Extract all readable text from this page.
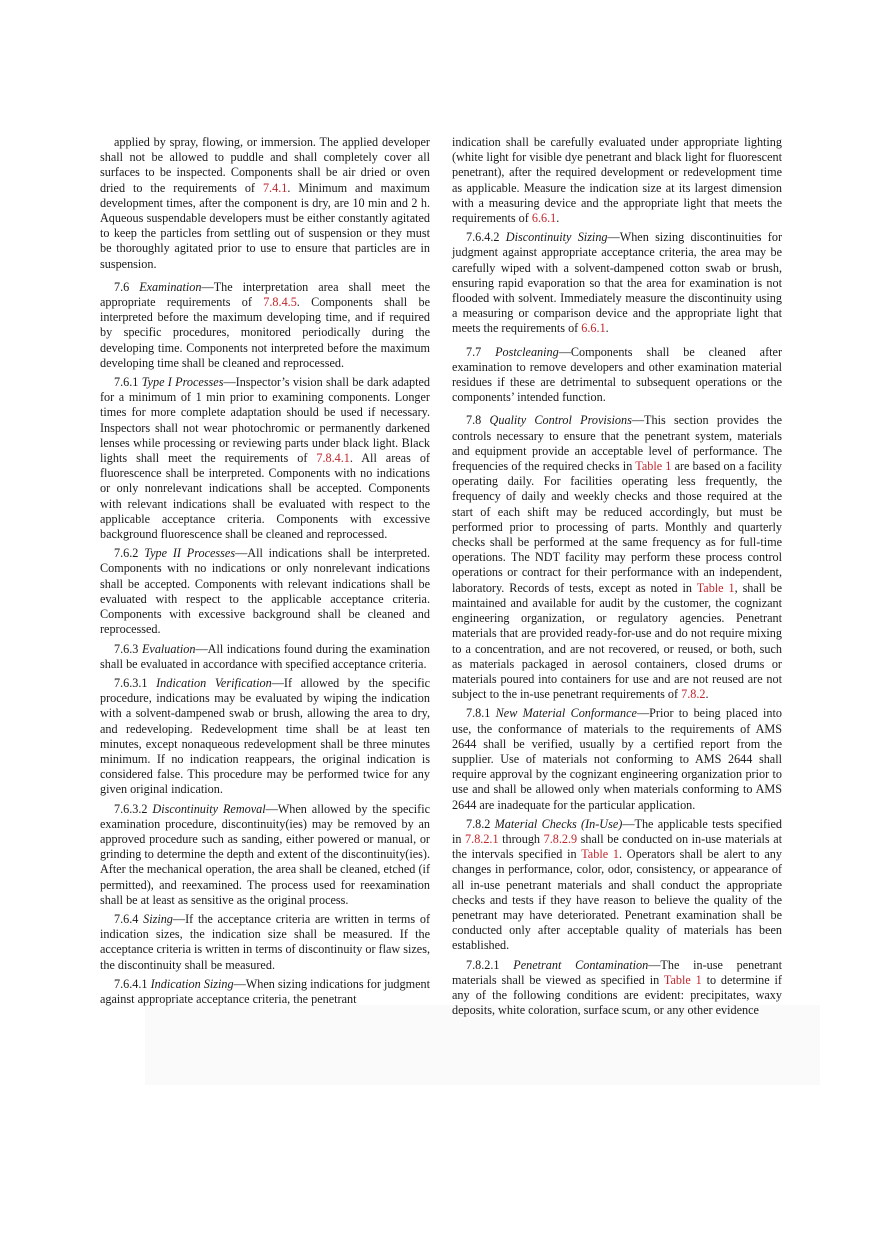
applied by spray, flowing, or immersion. The applied developer shall not be allowed to puddle and shall completely cover all surfaces to be inspected. Components shall be air dried or oven dried to the requirements of 7.4.1. Minimum and maximum development times, after the component is dry, are 10 min and 2 h. Aqueous suspendable developers must be either constantly agitated to keep the particles from settling out of suspension or they must be thoroughly agitated prior to use to ensure that particles are in suspension.

7.6 Examination—The interpretation area shall meet the appropriate requirements of 7.8.4.5. Components shall be interpreted before the maximum developing time, and if required by specific procedures, monitored periodically during the developing time. Components not interpreted before the maximum developing time shall be cleaned and reprocessed.

7.6.1 Type I Processes—Inspector’s vision shall be dark adapted for a minimum of 1 min prior to examining components. Longer times for more complete adaptation should be used if necessary. Inspectors shall not wear photochromic or permanently darkened lenses while processing or reviewing parts under black light. Black lights shall meet the requirements of 7.8.4.1. All areas of fluorescence shall be interpreted. Components with no indications or only nonrelevant indications shall be accepted. Components with relevant indications shall be evaluated with respect to the applicable acceptance criteria. Components with excessive background fluorescence shall be cleaned and reprocessed.

7.6.2 Type II Processes—All indications shall be interpreted. Components with no indications or only nonrelevant indications shall be accepted. Components with relevant indications shall be evaluated with respect to the applicable acceptance criteria. Components with excessive background shall be cleaned and reprocessed.

7.6.3 Evaluation—All indications found during the examination shall be evaluated in accordance with specified acceptance criteria.

7.6.3.1 Indication Verification—If allowed by the specific procedure, indications may be evaluated by wiping the indication with a solvent-dampened swab or brush, allowing the area to dry, and redeveloping. Redevelopment time shall be at least ten minutes, except nonaqueous redevelopment shall be three minutes minimum. If no indication reappears, the original indication is considered false. This procedure may be performed twice for any given original indication.

7.6.3.2 Discontinuity Removal—When allowed by the specific examination procedure, discontinuity(ies) may be removed by an approved procedure such as sanding, either powered or manual, or grinding to determine the depth and extent of the discontinuity(ies). After the mechanical operation, the area shall be cleaned, etched (if permitted), and reexamined. The process used for reexamination shall be at least as sensitive as the original process.

7.6.4 Sizing—If the acceptance criteria are written in terms of indication sizes, the indication size shall be measured. If the acceptance criteria is written in terms of discontinuity or flaw sizes, the discontinuity shall be measured.

7.6.4.1 Indication Sizing—When sizing indications for judgment against appropriate acceptance criteria, the penetrant

indication shall be carefully evaluated under appropriate lighting (white light for visible dye penetrant and black light for fluorescent penetrant), after the required development or redevelopment time as applicable. Measure the indication size at its largest dimension with a measuring device and the appropriate light that meets the requirements of 6.6.1.

7.6.4.2 Discontinuity Sizing—When sizing discontinuities for judgment against appropriate acceptance criteria, the area may be carefully wiped with a solvent-dampened cotton swab or brush, ensuring rapid evaporation so that the area for examination is not flooded with solvent. Immediately measure the discontinuity using a measuring or comparison device and the appropriate light that meets the requirements of 6.6.1.

7.7 Postcleaning—Components shall be cleaned after examination to remove developers and other examination material residues if these are detrimental to subsequent operations or the components’ intended function.

7.8 Quality Control Provisions—This section provides the controls necessary to ensure that the penetrant system, materials and equipment provide an acceptable level of performance. The frequencies of the required checks in Table 1 are based on a facility operating daily. For facilities operating less frequently, the frequency of daily and weekly checks and those required at the start of each shift may be reduced accordingly, but must be performed prior to processing of parts. Monthly and quarterly checks shall be performed at the same frequency as for full-time operations. The NDT facility may perform these process control operations or contract for their performance with an independent, laboratory. Records of tests, except as noted in Table 1, shall be maintained and available for audit by the customer, the cognizant engineering organization, or regulatory agencies. Penetrant materials that are provided ready-for-use and do not require mixing to a concentration, and are not recovered, or reused, or both, such as materials packaged in aerosol containers, closed drums or materials poured into containers for use and are not reused are not subject to the in-use penetrant requirements of 7.8.2.

7.8.1 New Material Conformance—Prior to being placed into use, the conformance of materials to the requirements of AMS 2644 shall be verified, usually by a certified report from the supplier. Use of materials not conforming to AMS 2644 shall require approval by the cognizant engineering organization prior to use and shall be allowed only when materials conforming to AMS 2644 are inadequate for the particular application.

7.8.2 Material Checks (In-Use)—The applicable tests specified in 7.8.2.1 through 7.8.2.9 shall be conducted on in-use materials at the intervals specified in Table 1. Operators shall be alert to any changes in performance, color, odor, consistency, or appearance of all in-use penetrant materials and shall conduct the appropriate checks and tests if they have reason to believe the quality of the penetrant may have deteriorated. Penetrant examination shall be conducted only after acceptable quality of materials has been established.

7.8.2.1 Penetrant Contamination—The in-use penetrant materials shall be viewed as specified in Table 1 to determine if any of the following conditions are evident: precipitates, waxy deposits, white coloration, surface scum, or any other evidence
